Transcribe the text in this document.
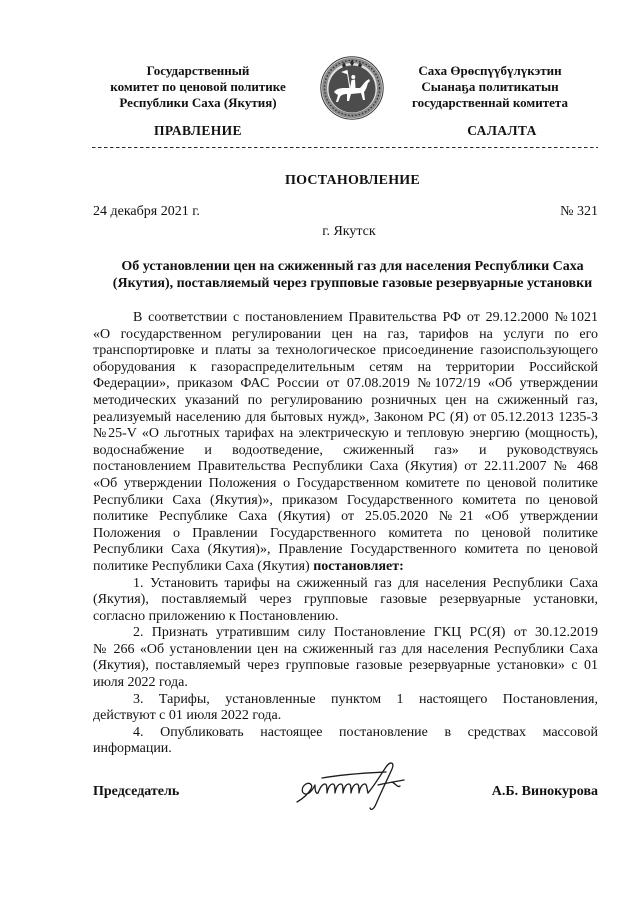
Государственный
комитет по ценовой политике
Республики Саха (Якутия)
Саха Өрөспүүбүлүкэтин
Сыанаҕа политикатын
государственнай комитета
ПРАВЛЕНИЕ	САЛАЛТА
ПОСТАНОВЛЕНИЕ
24 декабря 2021 г.	№ 321
г. Якутск
Об установлении цен на сжиженный газ для населения Республики Саха
(Якутия), поставляемый через групповые газовые резервуарные установки
В соответствии с постановлением Правительства РФ от 29.12.2000 №1021
«О государственном регулировании цен на газ, тарифов на услуги по его
транспортировке и платы за технологическое присоединение газоиспользующего
оборудования к газораспределительным сетям на территории Российской
Федерации», приказом ФАС России от 07.08.2019 №1072/19 «Об утверждении
методических указаний по регулированию розничных цен на сжиженный газ,
реализуемый населению для бытовых нужд», Законом РС (Я) от 05.12.2013 1235-З
№25-V «О льготных тарифах на электрическую и тепловую энергию (мощность),
водоснабжение и водоотведение, сжиженный газ» и руководствуясь
постановлением Правительства Республики Саха (Якутия) от 22.11.2007 № 468
«Об утверждении Положения о Государственном комитете по ценовой политике
Республики Саха (Якутия)», приказом Государственного комитета по ценовой
политике Республике Саха (Якутия) от 25.05.2020 №21 «Об утверждении
Положения о Правлении Государственного комитета по ценовой политике
Республики Саха (Якутия)», Правление Государственного комитета по ценовой
политике Республики Саха (Якутия) постановляет:
1. Установить тарифы на сжиженный газ для населения Республики Саха
(Якутия), поставляемый через групповые газовые резервуарные установки,
согласно приложению к Постановлению.
2. Признать утратившим силу Постановление ГКЦ РС(Я) от 30.12.2019
№ 266 «Об установлении цен на сжиженный газ для населения Республики Саха
(Якутия), поставляемый через групповые газовые резервуарные установки» с 01
июля 2022 года.
3. Тарифы, установленные пунктом 1 настоящего Постановления,
действуют с 01 июля 2022 года.
4. Опубликовать настоящее постановление в средствах массовой
информации.
Председатель	А.Б. Винокурова
